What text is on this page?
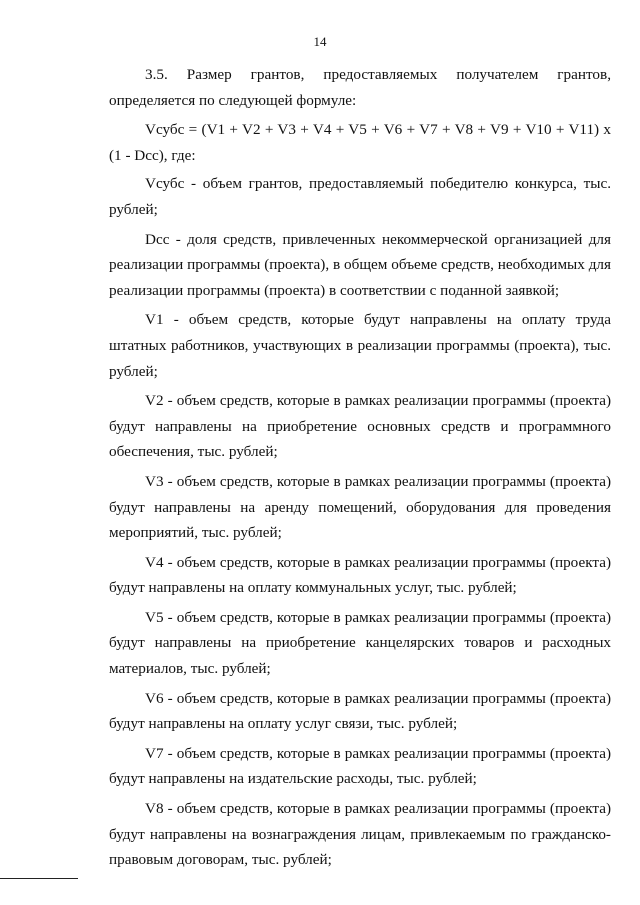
14

3.5. Размер грантов, предоставляемых получателем грантов, определяется по следующей формуле:

Vсубс = (V1 + V2 + V3 + V4 + V5 + V6 + V7 + V8 + V9 + V10 + V11) x (1 - Dсс), где:

Vсубс - объем грантов, предоставляемый победителю конкурса, тыс. рублей;

Dсс - доля средств, привлеченных некоммерческой организацией для реализации программы (проекта), в общем объеме средств, необходимых для реализации программы (проекта) в соответствии с поданной заявкой;

V1 - объем средств, которые будут направлены на оплату труда штатных работников, участвующих в реализации программы (проекта), тыс. рублей;

V2 - объем средств, которые в рамках реализации программы (проекта) будут направлены на приобретение основных средств и программного обеспечения, тыс. рублей;

V3 - объем средств, которые в рамках реализации программы (проекта) будут направлены на аренду помещений, оборудования для проведения мероприятий, тыс. рублей;

V4 - объем средств, которые в рамках реализации программы (проекта) будут направлены на оплату коммунальных услуг, тыс. рублей;

V5 - объем средств, которые в рамках реализации программы (проекта) будут направлены на приобретение канцелярских товаров и расходных материалов, тыс. рублей;

V6 - объем средств, которые в рамках реализации программы (проекта) будут направлены на оплату услуг связи, тыс. рублей;

V7 - объем средств, которые в рамках реализации программы (проекта) будут направлены на издательские расходы, тыс. рублей;

V8 - объем средств, которые в рамках реализации программы (проекта) будут направлены на вознаграждения лицам, привлекаемым по гражданско-правовым договорам, тыс. рублей;
